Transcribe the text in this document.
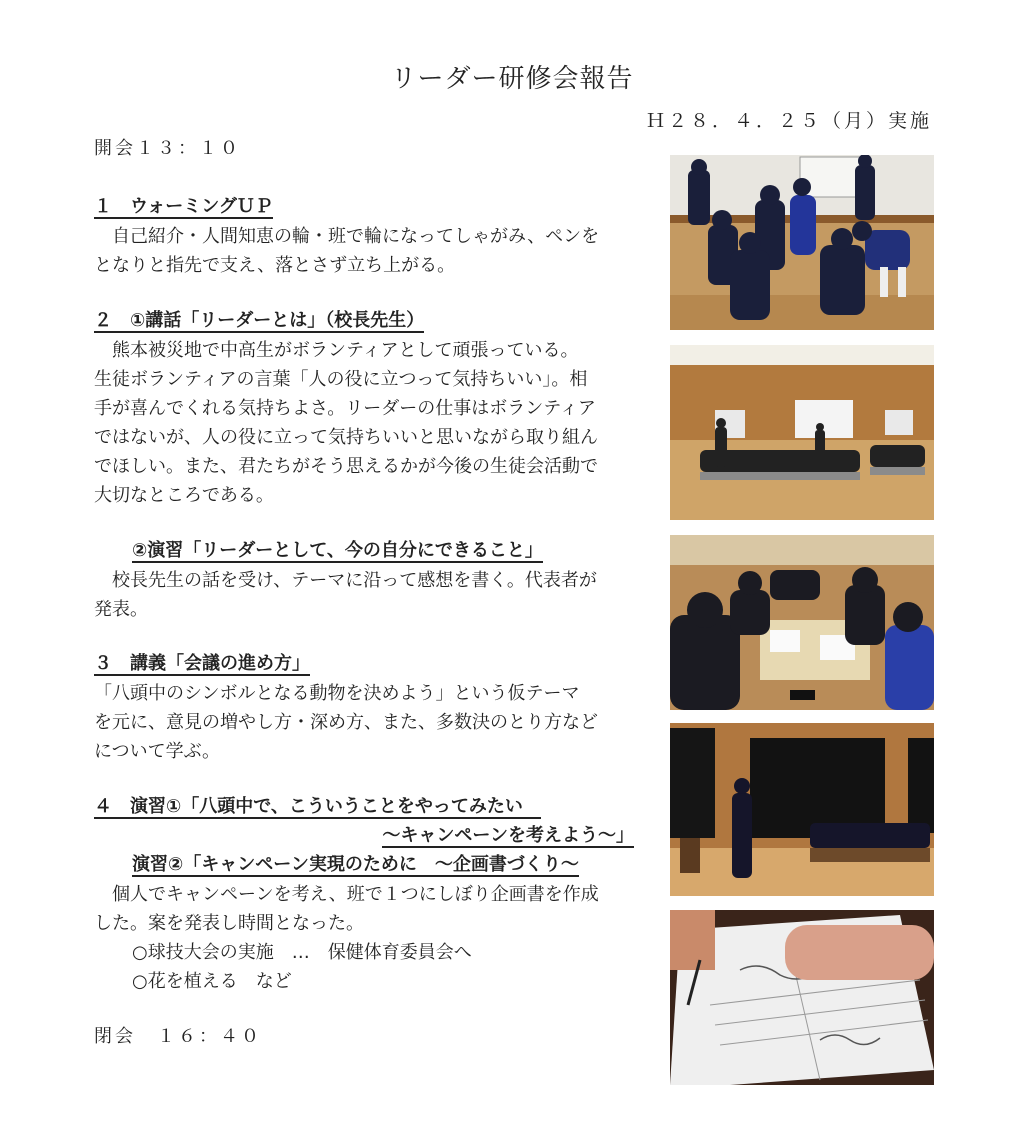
リーダー研修会報告
Ｈ２８．４．２５（月）実施
開会１３：１０
１　ウォーミングＵＰ
　自己紹介・人間知恵の輪・班で輪になってしゃがみ、ペンを
となりと指先で支え、落とさず立ち上がる。
２　①講話「リーダーとは」（校長先生）
　熊本被災地で中高生がボランティアとして頑張っている。
生徒ボランティアの言葉「人の役に立つって気持ちいい」。相
手が喜んでくれる気持ちよさ。リーダーの仕事はボランティア
ではないが、人の役に立って気持ちいいと思いながら取り組ん
でほしい。また、君たちがそう思えるかが今後の生徒会活動で
大切なところである。
②演習「リーダーとして、今の自分にできること」
　校長先生の話を受け、テーマに沿って感想を書く。代表者が
発表。
３　講義「会議の進め方」
「八頭中のシンボルとなる動物を決めよう」という仮テーマ
を元に、意見の増やし方・深め方、また、多数決のとり方など
について学ぶ。
４　演習①「八頭中で、こういうことをやってみたい
～キャンペーンを考えよう～」
演習②「キャンペーン実現のために　～企画書づくり～
　個人でキャンペーンを考え、班で１つにしぼり企画書を作成
した。案を発表し時間となった。
○球技大会の実施　…　保健体育委員会へ
○花を植える　など
閉会　１６：４０
